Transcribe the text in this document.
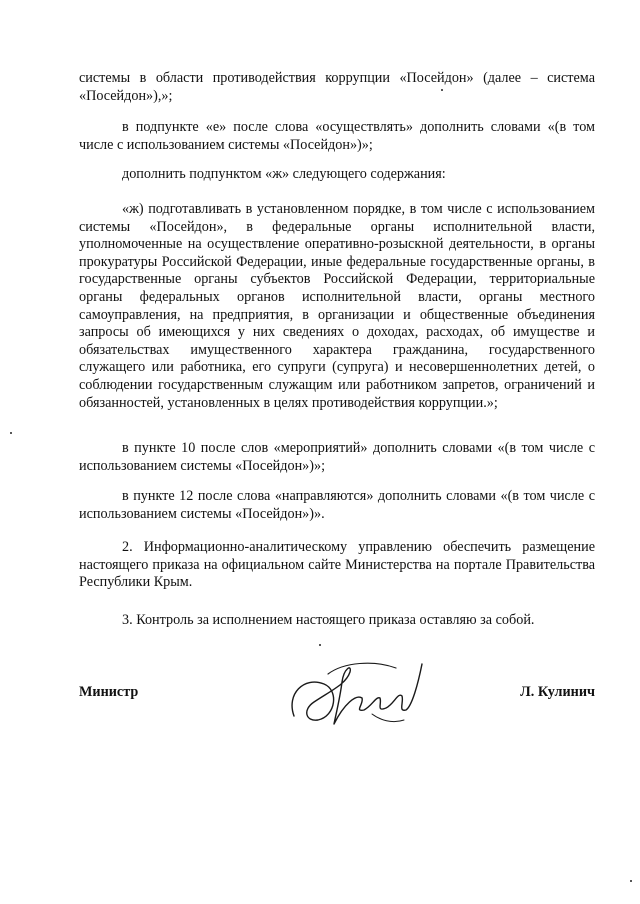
системы в области противодействия коррупции «Посейдон» (далее – система «Посейдон»),»;

в подпункте «е» после слова «осуществлять» дополнить словами «(в том числе с использованием системы «Посейдон»)»;

дополнить подпунктом «ж» следующего содержания:

«ж) подготавливать в установленном порядке, в том числе с использованием системы «Посейдон», в федеральные органы исполнительной власти, уполномоченные на осуществление оперативно-розыскной деятельности, в органы прокуратуры Российской Федерации, иные федеральные государственные органы, в государственные органы субъектов Российской Федерации, территориальные органы федеральных органов исполнительной власти, органы местного самоуправления, на предприятия, в организации и общественные объединения запросы об имеющихся у них сведениях о доходах, расходах, об имуществе и обязательствах имущественного характера гражданина, государственного служащего или работника, его супруги (супруга) и несовершеннолетних детей, о соблюдении государственным служащим или работником запретов, ограничений и обязанностей, установленных в целях противодействия коррупции.»;

в пункте 10 после слов «мероприятий» дополнить словами «(в том числе с использованием системы «Посейдон»)»;

в пункте 12 после слова «направляются» дополнить словами «(в том числе с использованием системы «Посейдон»)».

2. Информационно-аналитическому управлению обеспечить размещение настоящего приказа на официальном сайте Министерства на портале Правительства Республики Крым.

3. Контроль за исполнением настоящего приказа оставляю за собой.

Министр	Л. Кулинич
